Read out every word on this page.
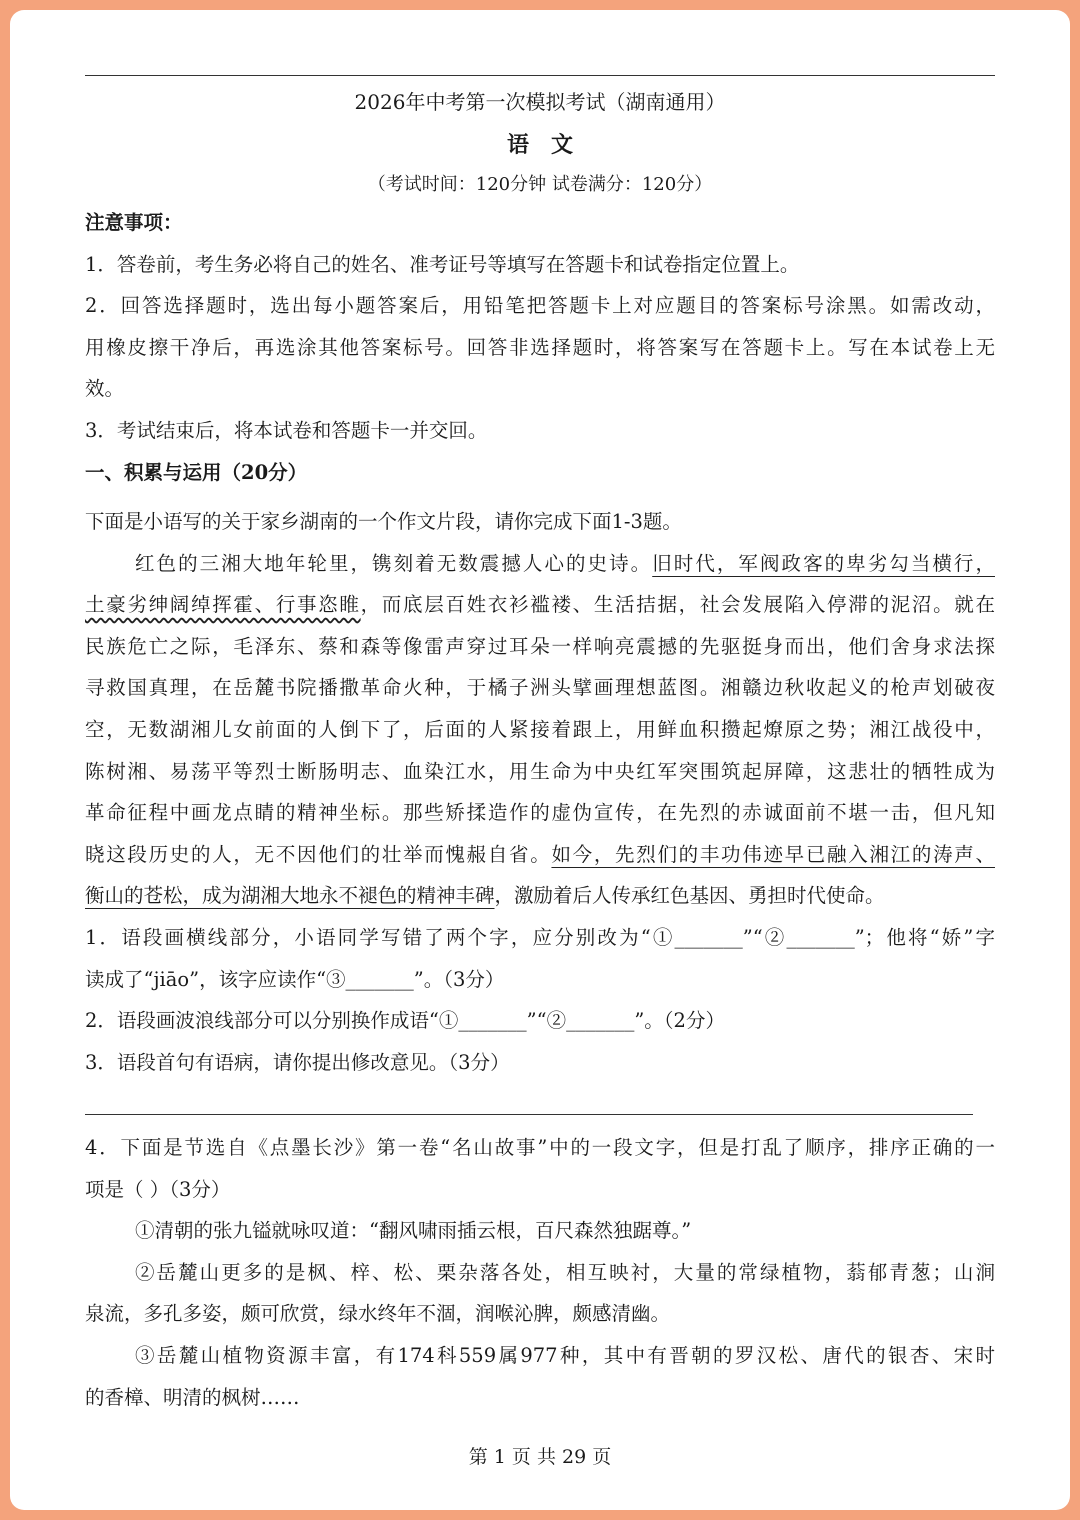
2026年中考第一次模拟考试（湖南通用）
语文
（考试时间：120分钟 试卷满分：120分）
注意事项：
1．答卷前，考生务必将自己的姓名、准考证号等填写在答题卡和试卷指定位置上。
2．回答选择题时，选出每小题答案后，用铅笔把答题卡上对应题目的答案标号涂黑。如需改动，
用橡皮擦干净后，再选涂其他答案标号。回答非选择题时，将答案写在答题卡上。写在本试卷上无
效。
3．考试结束后，将本试卷和答题卡一并交回。
一、积累与运用（20分）
下面是小语写的关于家乡湖南的一个作文片段，请你完成下面1-3题。
红色的三湘大地年轮里，镌刻着无数震撼人心的史诗。旧时代，军阀政客的卑劣勾当横行，
土豪劣绅阔绰挥霍、行事恣睢，而底层百姓衣衫褴褛、生活拮据，社会发展陷入停滞的泥沼。就在
民族危亡之际，毛泽东、蔡和森等像雷声穿过耳朵一样响亮震撼的先驱挺身而出，他们舍身求法探
寻救国真理，在岳麓书院播撒革命火种，于橘子洲头擘画理想蓝图。湘赣边秋收起义的枪声划破夜
空，无数湖湘儿女前面的人倒下了，后面的人紧接着跟上，用鲜血积攒起燎原之势；湘江战役中，
陈树湘、易荡平等烈士断肠明志、血染江水，用生命为中央红军突围筑起屏障，这悲壮的牺牲成为
革命征程中画龙点睛的精神坐标。那些矫揉造作的虚伪宣传，在先烈的赤诚面前不堪一击，但凡知
晓这段历史的人，无不因他们的壮举而愧赧自省。如今，先烈们的丰功伟迹早已融入湘江的涛声、
衡山的苍松，成为湖湘大地永不褪色的精神丰碑，激励着后人传承红色基因、勇担时代使命。
1．语段画横线部分，小语同学写错了两个字，应分别改为“①_______”“②_______”；他将“娇”字
读成了“jiāo”，该字应读作“③_______”。（3分）
2．语段画波浪线部分可以分别换作成语“①_______”“②_______”。（2分）
3．语段首句有语病，请你提出修改意见。（3分）
4．下面是节选自《点墨长沙》第一卷“名山故事”中的一段文字，但是打乱了顺序，排序正确的一
项是（ ）（3分）
①清朝的张九镒就咏叹道：“翻风啸雨插云根，百尺森然独踞尊。”
②岳麓山更多的是枫、梓、松、栗杂落各处，相互映衬，大量的常绿植物，蓊郁青葱；山涧
泉流，多孔多姿，颇可欣赏，绿水终年不涸，润喉沁脾，颇感清幽。
③岳麓山植物资源丰富，有174科559属977种，其中有晋朝的罗汉松、唐代的银杏、宋时
的香樟、明清的枫树……
第 1 页 共 29 页
